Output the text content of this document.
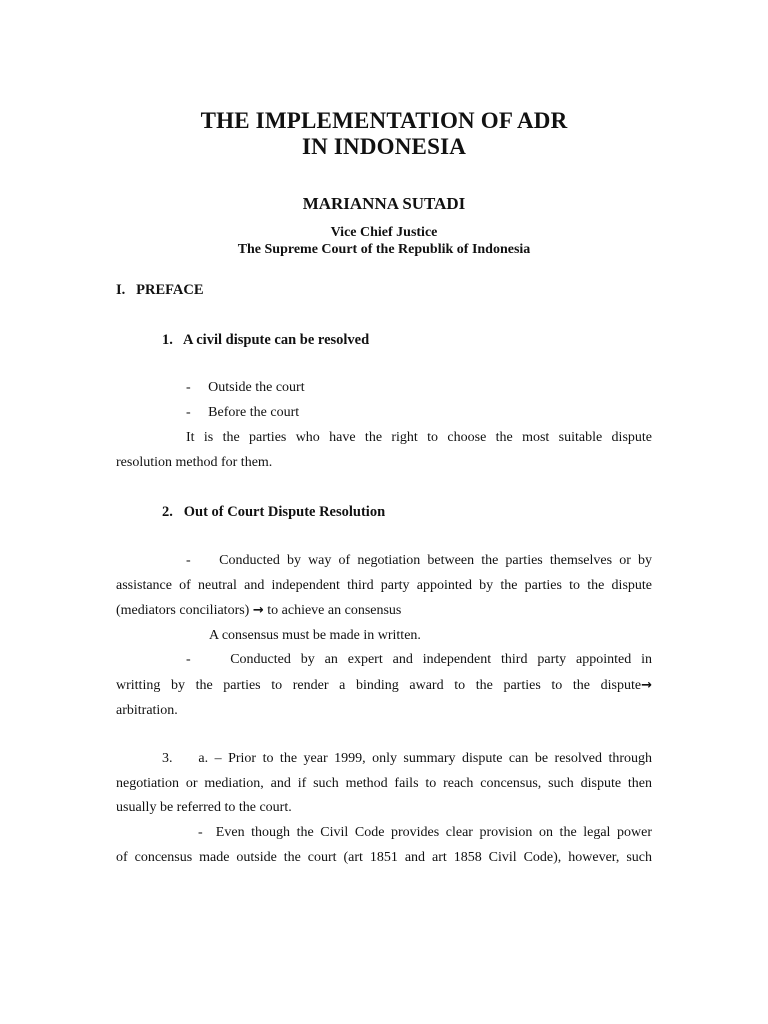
THE IMPLEMENTATION OF ADR
IN INDONESIA
MARIANNA SUTADI
Vice Chief Justice
The Supreme Court of the Republik of Indonesia
I.   PREFACE
1.   A civil dispute can be resolved
-     Outside the court
-     Before the court
It is the parties who have the right to choose the most suitable dispute
resolution method for them.
2.   Out of Court Dispute Resolution
-    Conducted by way of negotiation between the parties themselves or by
assistance of neutral and independent third party appointed by the parties to the dispute
(mediators conciliators) → to achieve an consensus
A consensus must be made in written.
-    Conducted by an expert and independent third party appointed in
writting by the parties to render a binding award to the parties to the dispute →
arbitration.
3.    a. – Prior to the year 1999, only summary dispute can be resolved through
negotiation or mediation, and if such method fails to reach concensus, such dispute then
usually be referred to the court.
-  Even though the Civil Code provides clear provision on the legal power
of concensus made outside the court (art 1851 and art 1858 Civil Code), however, such
